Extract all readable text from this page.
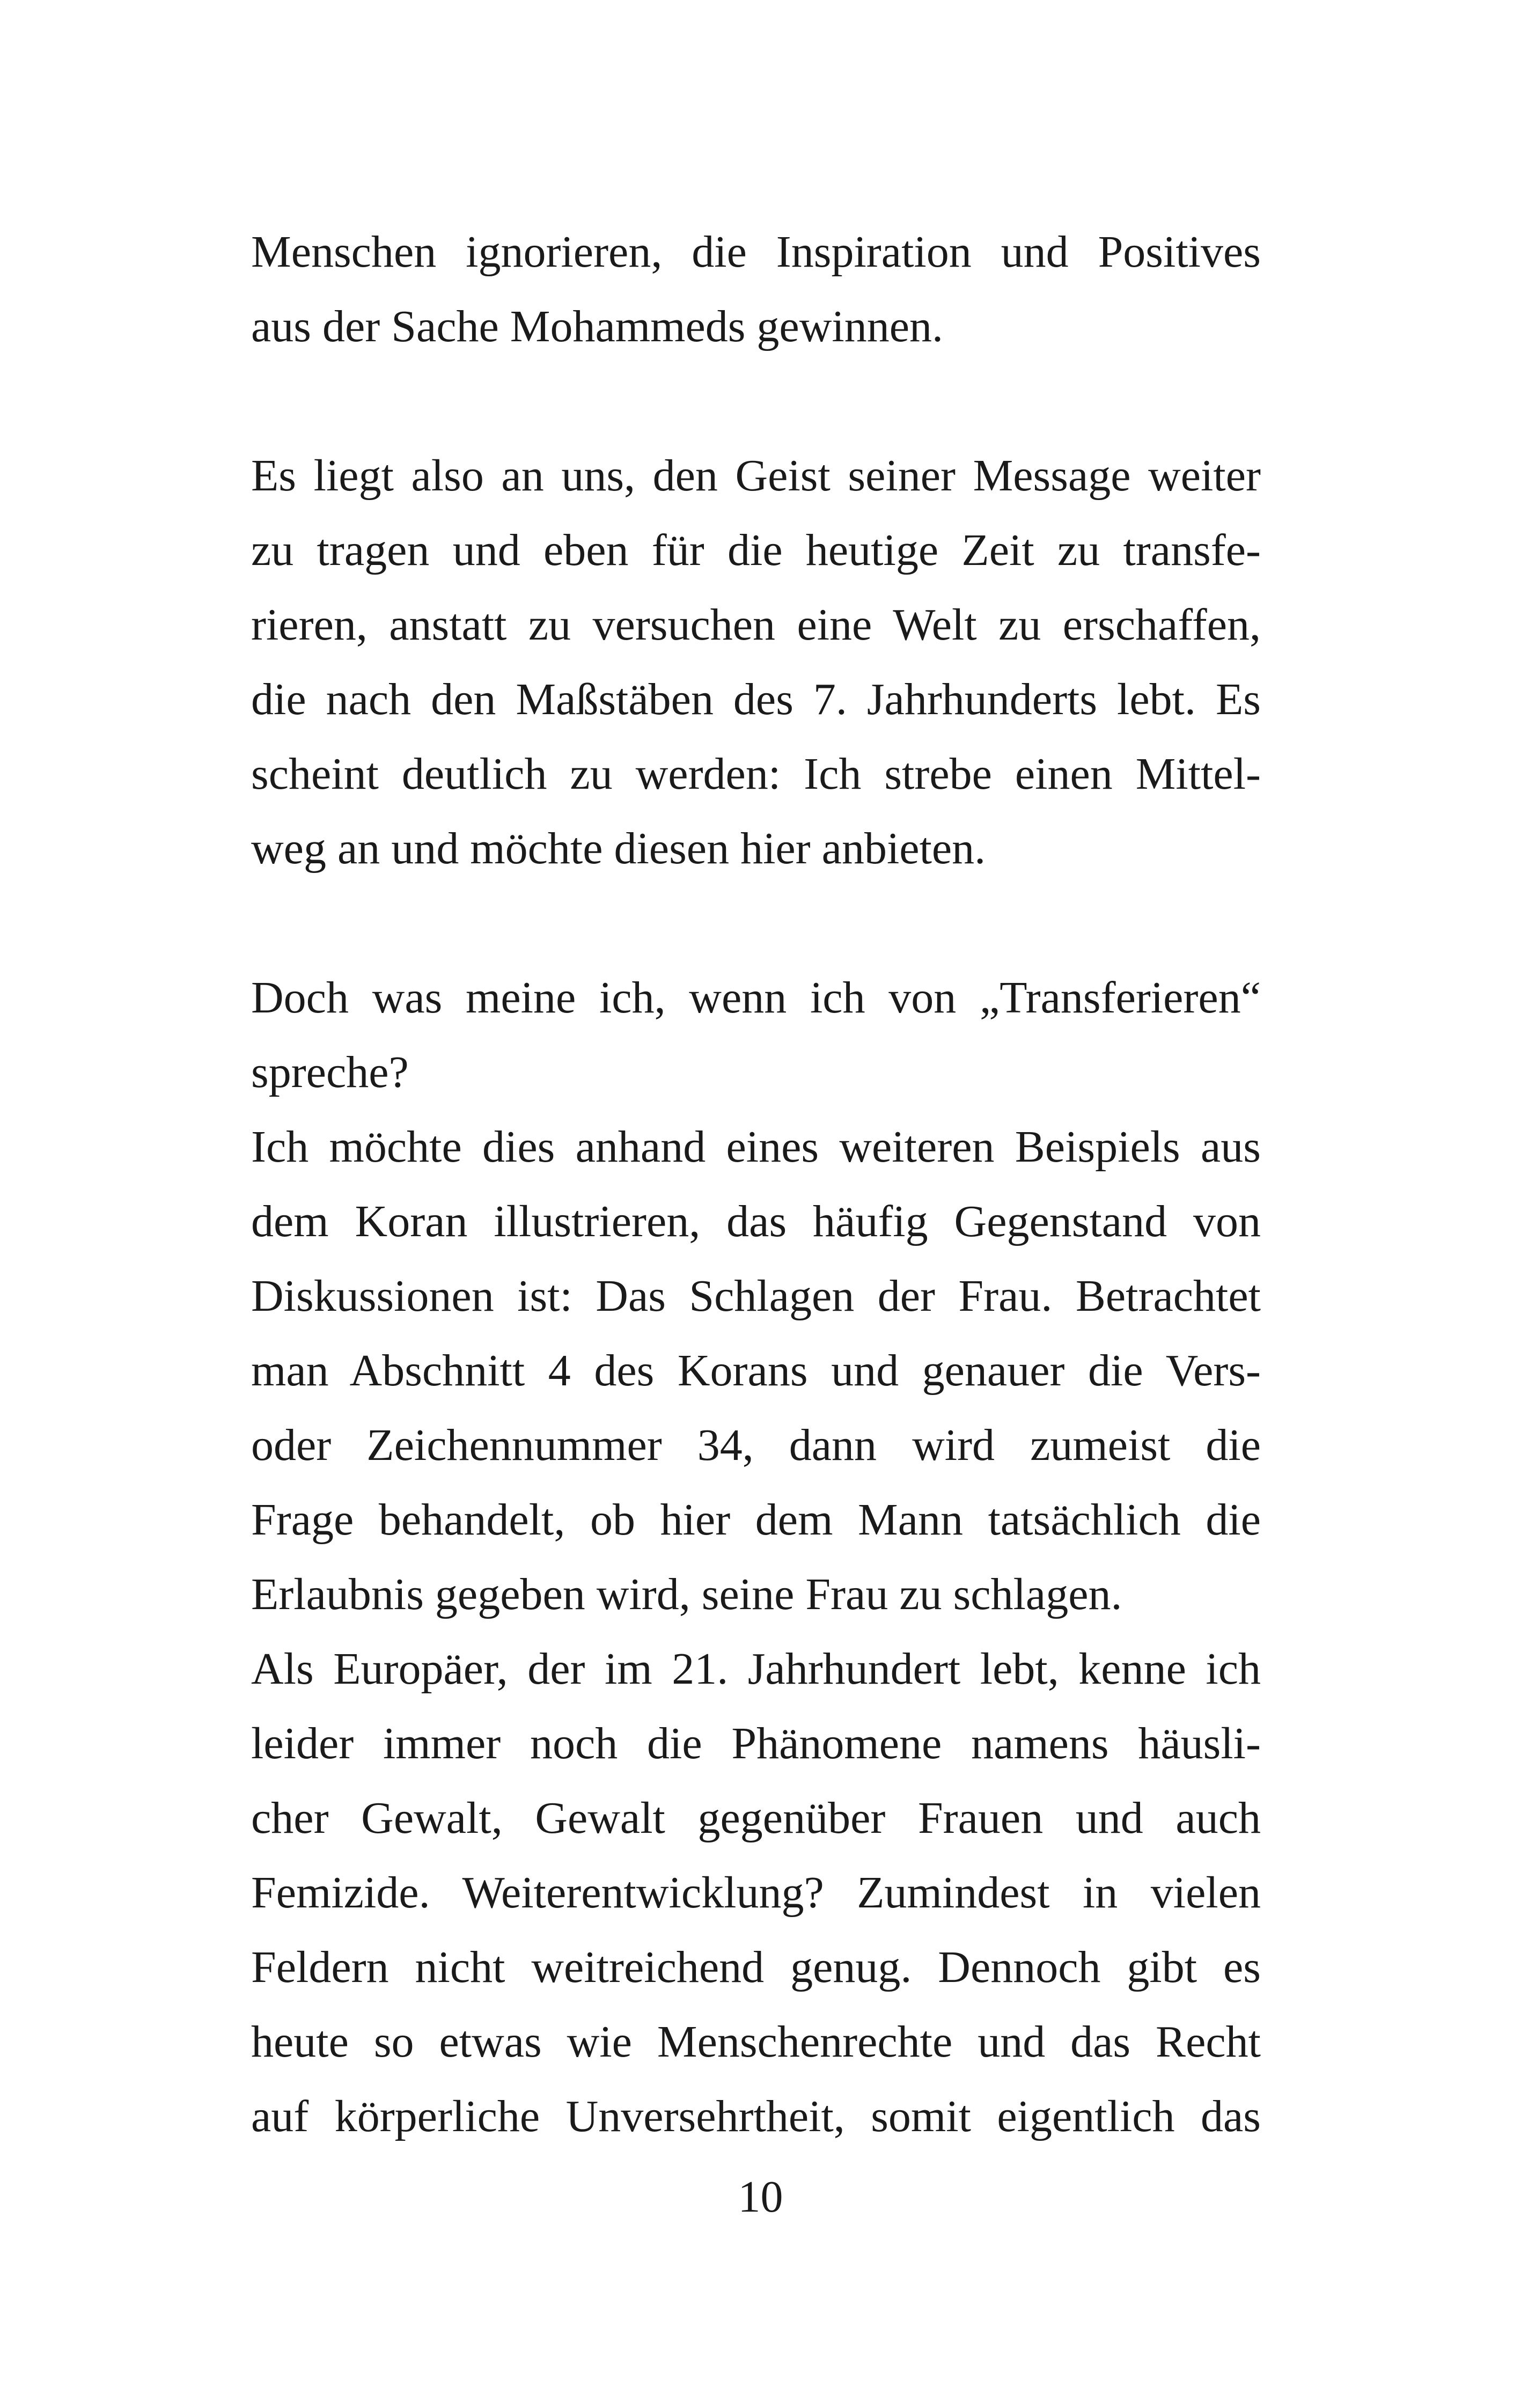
Menschen ignorieren, die Inspiration und Positives
aus der Sache Mohammeds gewinnen.
Es liegt also an uns, den Geist seiner Message weiter
zu tragen und eben für die heutige Zeit zu transfe-
rieren, anstatt zu versuchen eine Welt zu erschaffen,
die nach den Maßstäben des 7. Jahrhunderts lebt. Es
scheint deutlich zu werden: Ich strebe einen Mittel-
weg an und möchte diesen hier anbieten.
Doch was meine ich, wenn ich von „Transferieren“
spreche?
Ich möchte dies anhand eines weiteren Beispiels aus
dem Koran illustrieren, das häufig Gegenstand von
Diskussionen ist: Das Schlagen der Frau. Betrachtet
man Abschnitt 4 des Korans und genauer die Vers-
oder Zeichennummer 34, dann wird zumeist die
Frage behandelt, ob hier dem Mann tatsächlich die
Erlaubnis gegeben wird, seine Frau zu schlagen.
Als Europäer, der im 21. Jahrhundert lebt, kenne ich
leider immer noch die Phänomene namens häusli-
cher Gewalt, Gewalt gegenüber Frauen und auch
Femizide. Weiterentwicklung? Zumindest in vielen
Feldern nicht weitreichend genug. Dennoch gibt es
heute so etwas wie Menschenrechte und das Recht
auf körperliche Unversehrtheit, somit eigentlich das
10
